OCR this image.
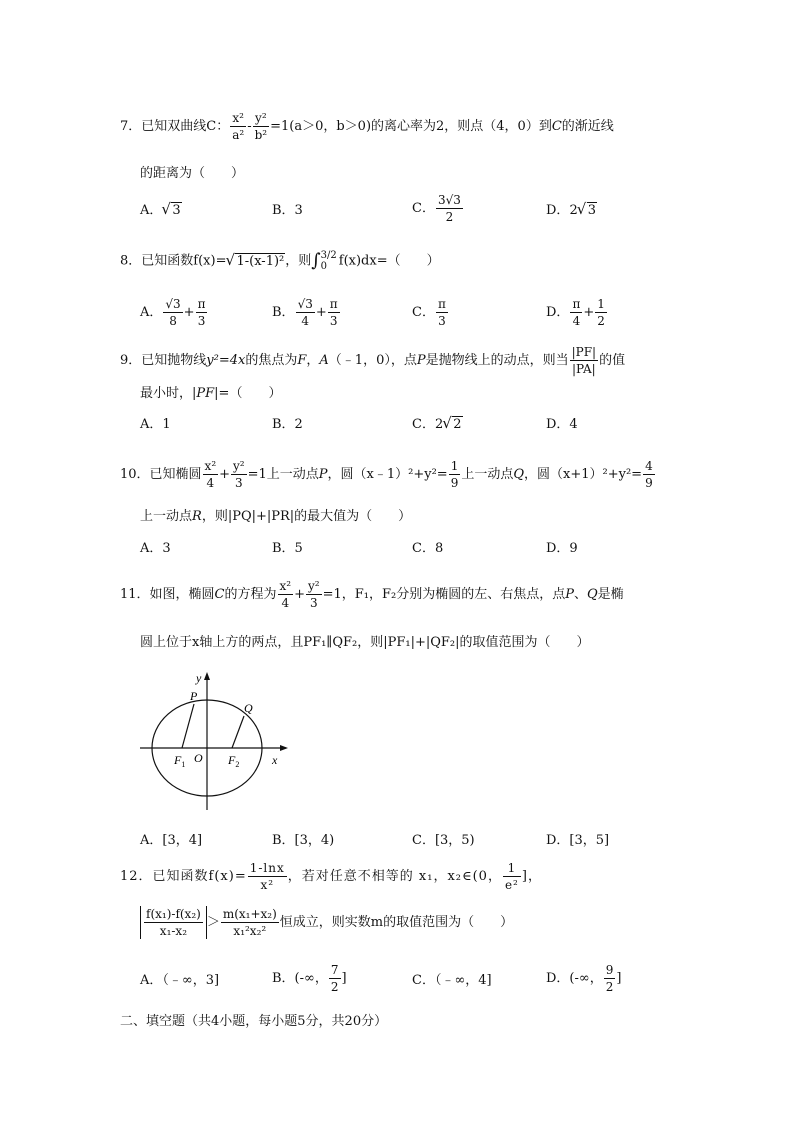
7．已知双曲线C： $\frac{\text{x²}}{\text{a²}} - \frac{\text{y²}}{\text{b²}} =1(a>0$，b＞0)的离心率为2，则点（4，0）到C的渐近线
的距离为（　　）
A． √ 3	B．3	C． $\frac{3√3}{2}$	D．2 √ 3
8．已知函数f(x)= √ 1-(x-1)²，则∫ 3/2
0 f(x)dx=（　　）
A． $\frac{√3}{8} + \frac{\pi}{3}$	B． $\frac{√3}{4} + \frac{\pi}{3}$	C． $\frac{\pi}{3}$	D． $\frac{\pi}{4} + \frac{1}{2}$
9．已知抛物线y²=4x的焦点为F，A（﹣1，0），点P是抛物线上的动点，则当 $\frac{|PF|}{|PA|}$ 的值
最小时，|PF|=（　　）
A．1	B．2	C．2 √ 2	D．4
10．已知椭圆 $\frac{\text{x²}}{4} + \frac{\text{y²}}{3} =1$上一动点P，圆（x﹣1）²+y²= $\frac{1}{9}$ 上一动点Q，圆$(x+1)^2+y^2= \frac{4}{9}$
上一动点R，则|PQ|+|PR|的最大值为（　　）
A．3	B．5	C．8	D．9
11．如图，椭圆C的方程为 $\frac{\text{x²}}{4} + \frac{\text{y²}}{3} =1$，F₁，F₂分别为椭圆的左、右焦点，点P、Q是椭
圆上位于x轴上方的两点，且PF₁∥QF₂，则|PF₁|+|QF₂|的取值范围为（　　）
y
x
P
Q
O
$F_1$	$F_2$
A．[3，4]	B．[3，4)	C．[3，5)	D．[3，5]
12．已知函数$f(x)= \frac{1-\ln x}{\text{x²}}$ ，若对任意不相等的 x₁，x₂∈(0， $\frac{1}{\text{e²}}$ ]，
$\frac{\text{f(x₁)-f(x₂)}}{\text{x₁-x₂}} > \frac{\text{m(x₁+x₂)}}{\text{x₁²x₂²}}$ 恒成立，则实数m的取值范围为（　　）
A．（﹣∞，3]	B．(-∞， $\frac{7}{2}$ ]	C．（﹣∞，4]	D．(-∞， $\frac{9}{2}$ ]
二、填空题（共4小题，每小题5分，共20分）
